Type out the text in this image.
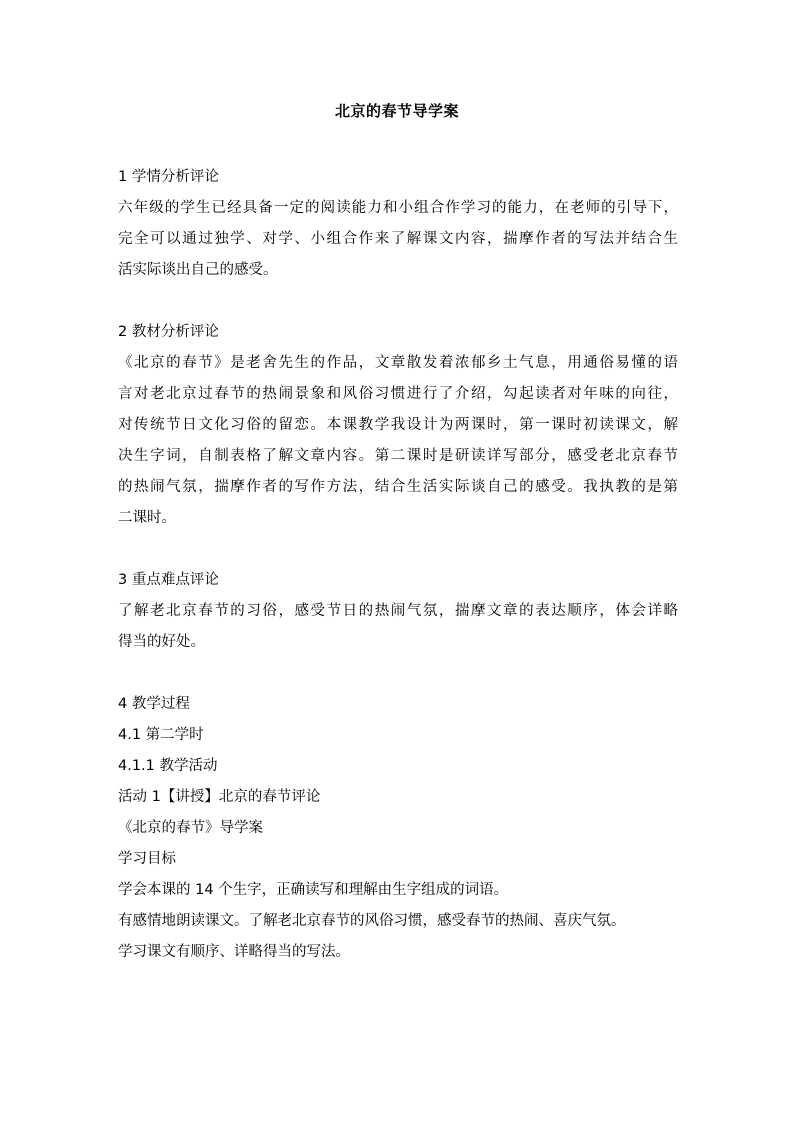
北京的春节导学案
1 学情分析评论
六年级的学生已经具备一定的阅读能力和小组合作学习的能力，在老师的引导下，
完全可以通过独学、对学、小组合作来了解课文内容，揣摩作者的写法并结合生
活实际谈出自己的感受。
2 教材分析评论
《北京的春节》是老舍先生的作品，文章散发着浓郁乡土气息，用通俗易懂的语
言对老北京过春节的热闹景象和风俗习惯进行了介绍，勾起读者对年味的向往，
对传统节日文化习俗的留恋。本课教学我设计为两课时，第一课时初读课文，解
决生字词，自制表格了解文章内容。第二课时是研读详写部分，感受老北京春节
的热闹气氛，揣摩作者的写作方法，结合生活实际谈自己的感受。我执教的是第
二课时。
3 重点难点评论
了解老北京春节的习俗，感受节日的热闹气氛，揣摩文章的表达顺序，体会详略
得当的好处。
4 教学过程
4.1 第二学时
4.1.1 教学活动
活动 1【讲授】北京的春节评论
《北京的春节》导学案
学习目标
学会本课的 14 个生字，正确读写和理解由生字组成的词语。
有感情地朗读课文。了解老北京春节的风俗习惯，感受春节的热闹、喜庆气氛。
学习课文有顺序、详略得当的写法。
